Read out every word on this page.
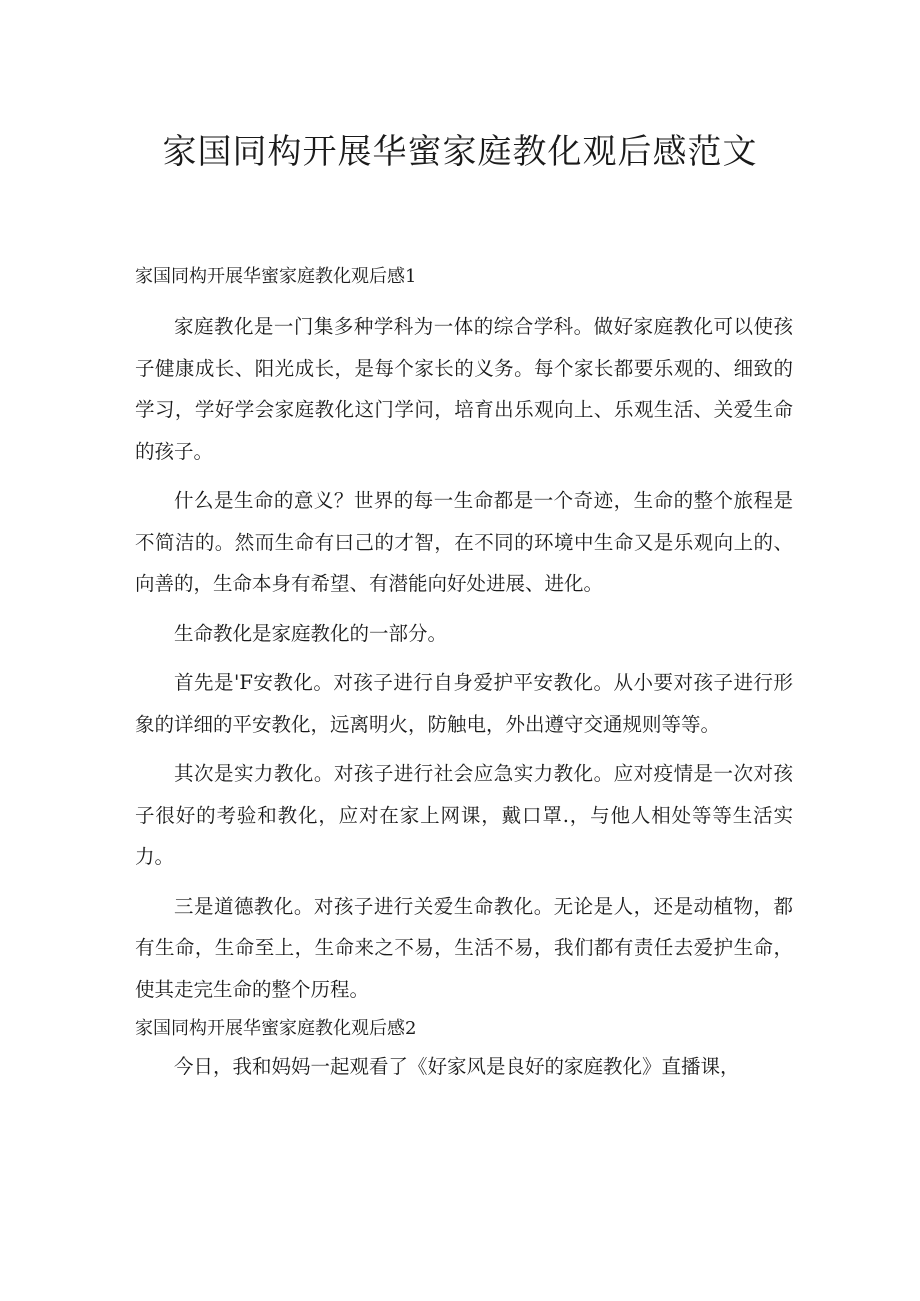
家国同构开展华蜜家庭教化观后感范文

家国同构开展华蜜家庭教化观后感1

家庭教化是一门集多种学科为一体的综合学科。做好家庭教化可以使孩子健康成长、阳光成长，是每个家长的义务。每个家长都要乐观的、细致的学习，学好学会家庭教化这门学问，培育出乐观向上、乐观生活、关爱生命的孩子。

什么是生命的意义？世界的每一生命都是一个奇迹，生命的整个旅程是不简洁的。然而生命有曰己的才智，在不同的环境中生命又是乐观向上的、向善的，生命本身有希望、有潜能向好处进展、进化。

生命教化是家庭教化的一部分。

首先是'F安教化。对孩子进行自身爱护平安教化。从小要对孩子进行形象的详细的平安教化，远离明火，防触电，外出遵守交通规则等等。

其次是实力教化。对孩子进行社会应急实力教化。应对疫情是一次对孩子很好的考验和教化，应对在家上网课，戴口罩.，与他人相处等等生活实力。

三是道德教化。对孩子进行关爱生命教化。无论是人，还是动植物，都有生命，生命至上，生命来之不易，生活不易，我们都有责任去爱护生命，使其走完生命的整个历程。

家国同构开展华蜜家庭教化观后感2

今日，我和妈妈一起观看了《好家风是良好的家庭教化》直播课，
